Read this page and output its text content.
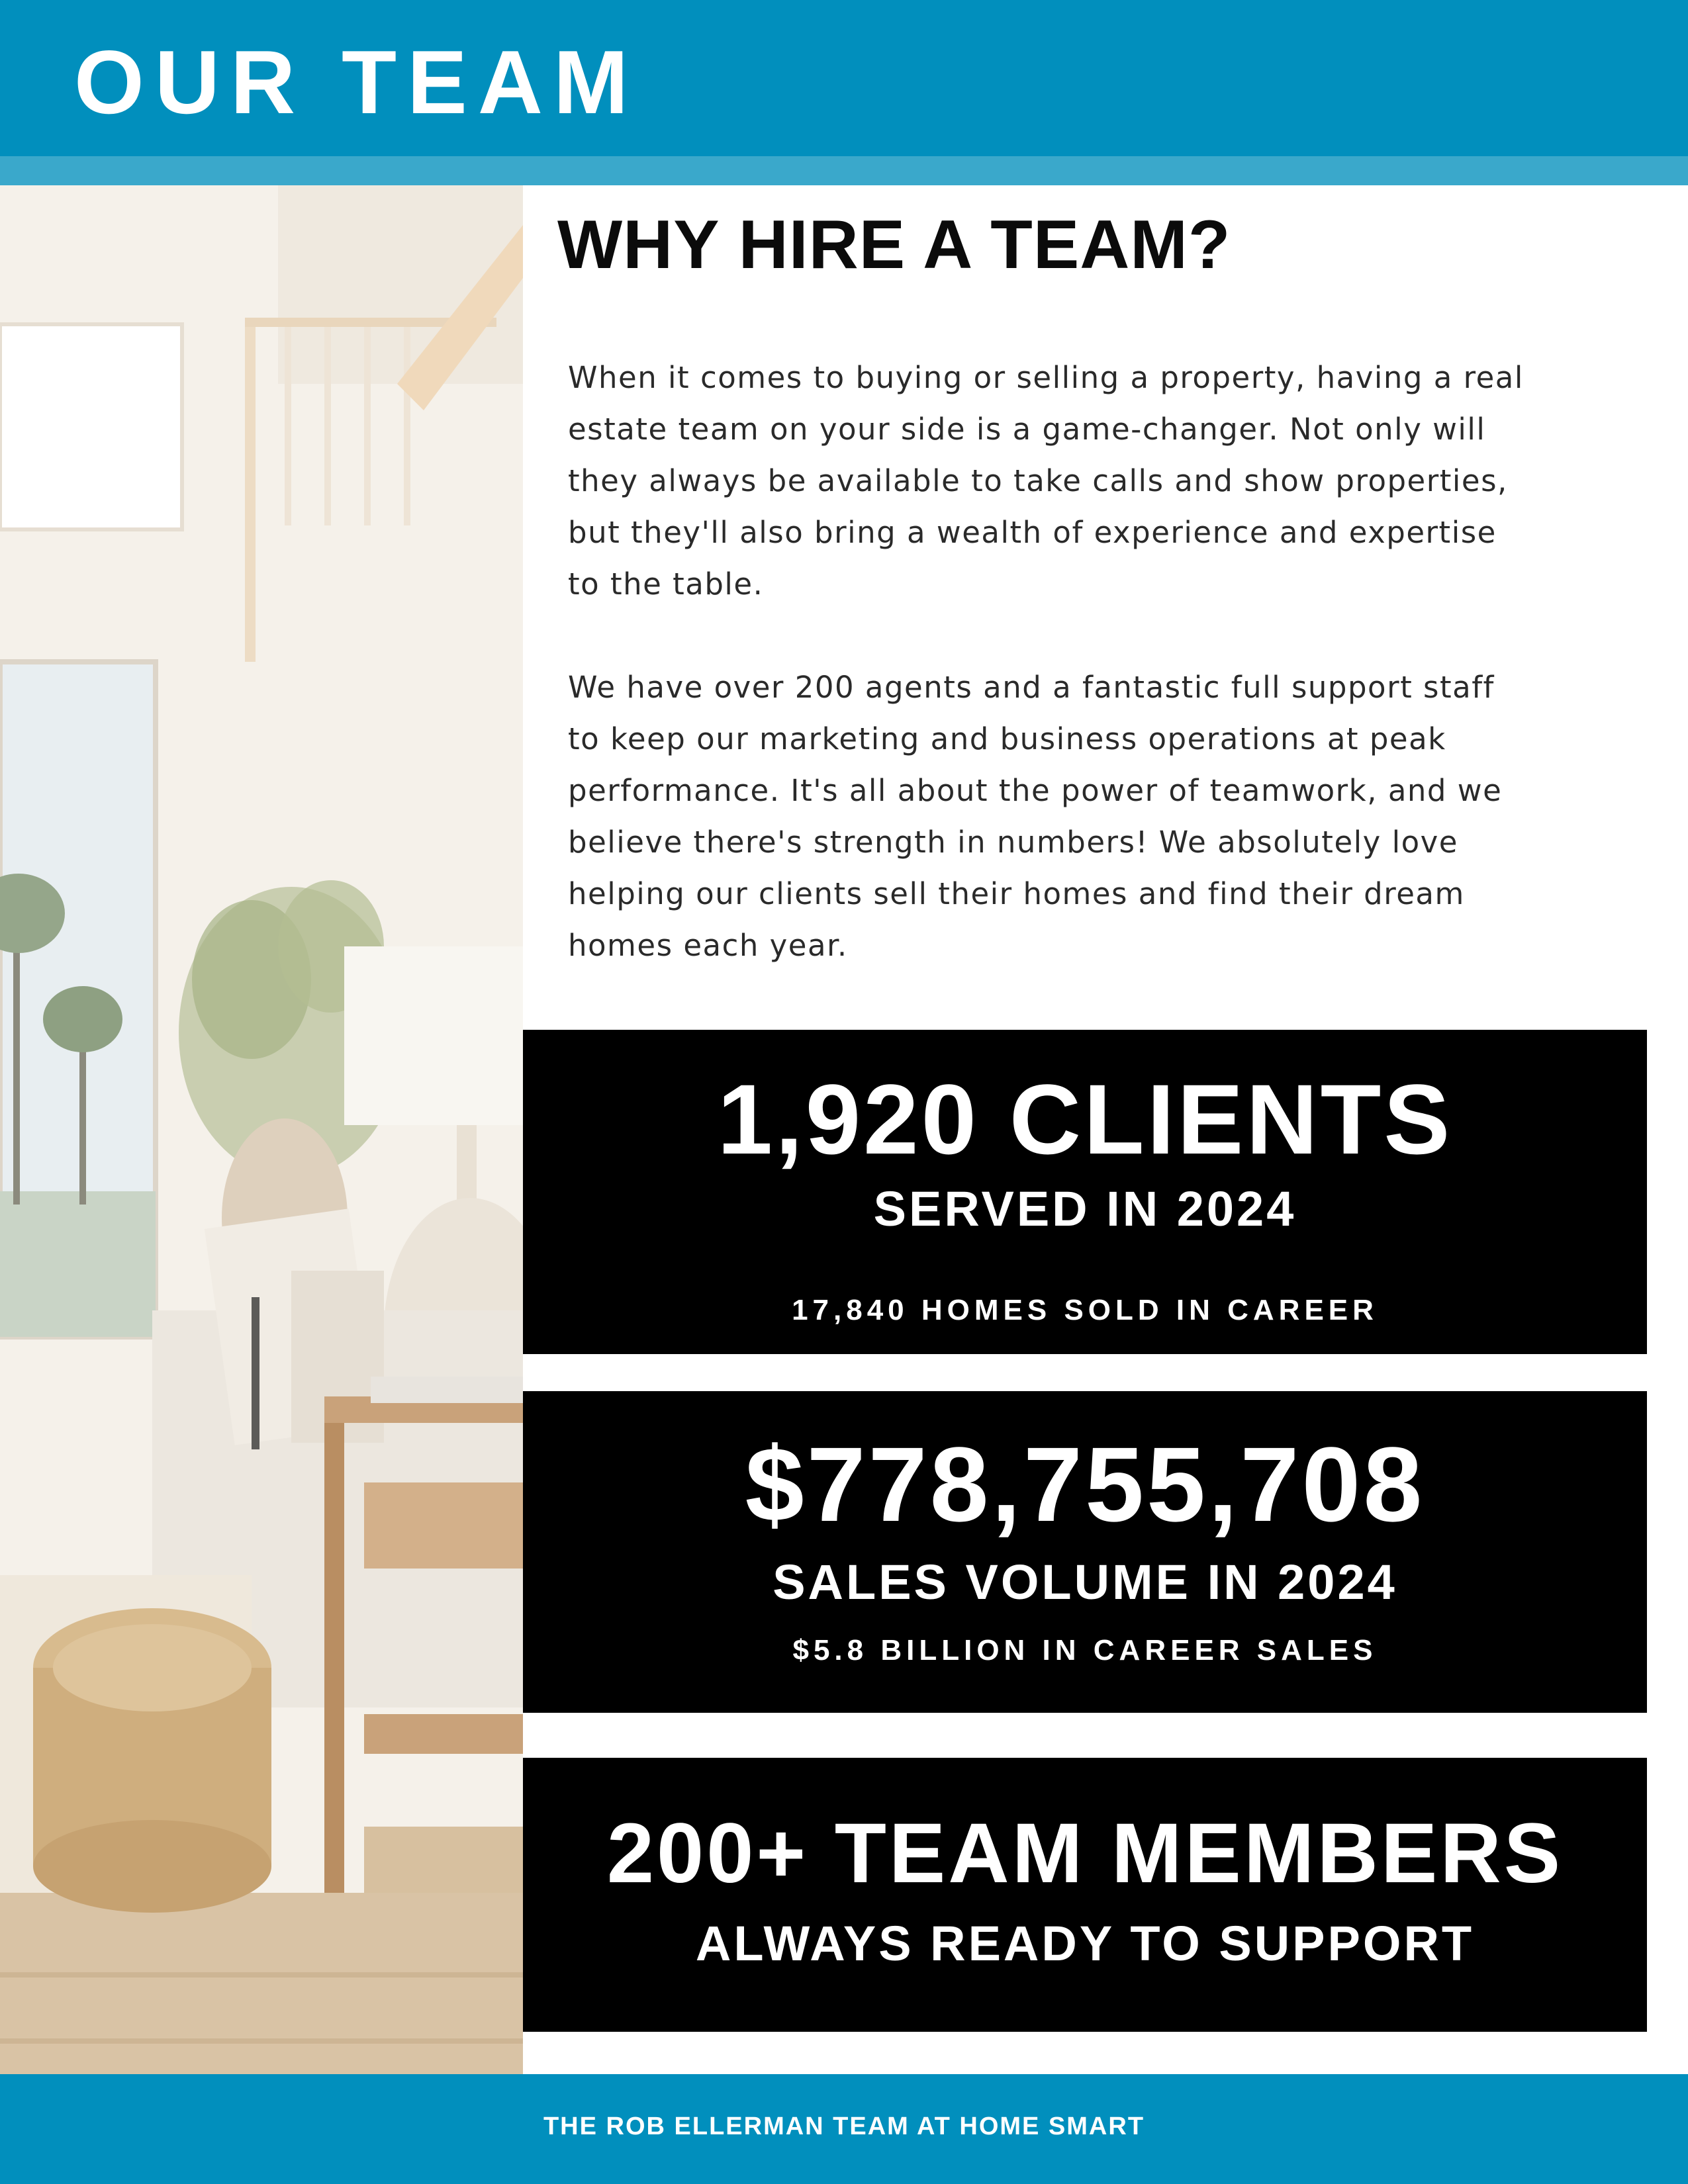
OUR TEAM
WHY HIRE A TEAM?

When it comes to buying or selling a property, having a real estate team on your side is a game-changer. Not only will they always be available to take calls and show properties, but they'll also bring a wealth of experience and expertise to the table.

We have over 200 agents and a fantastic full support staff to keep our marketing and business operations at peak performance. It's all about the power of teamwork, and we believe there's strength in numbers! We absolutely love helping our clients sell their homes and find their dream homes each year.

1,920 CLIENTS

SERVED IN 2024

17,840 HOMES SOLD IN CAREER

$778,755,708

SALES VOLUME IN 2024

$5.8 BILLION IN CAREER SALES

200+ TEAM MEMBERS

ALWAYS READY TO SUPPORT

THE ROB ELLERMAN TEAM AT HOME SMART
